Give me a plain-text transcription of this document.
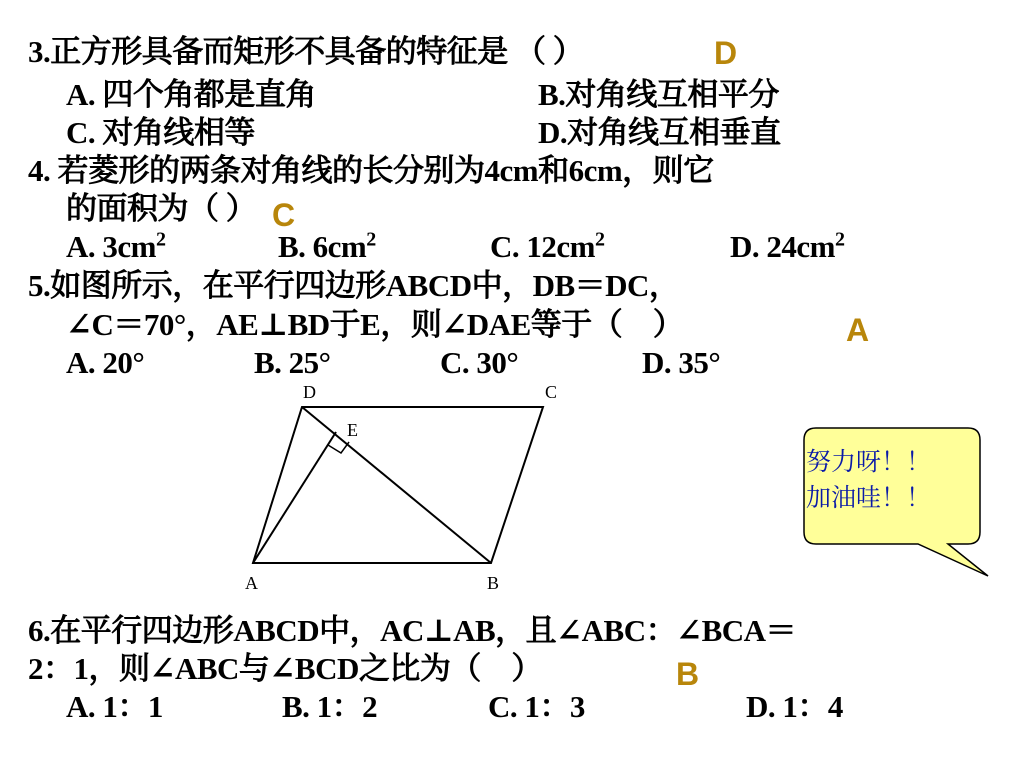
3.正方形具备而矩形不具备的特征是 （ ）	D
A. 四个角都是直角	B.对角线互相平分
C. 对角线相等	D.对角线互相垂直
4. 若菱形的两条对角线的长分别为4cm和6cm，则它
的面积为（ ） C
A. $3cm^2$	B. $6cm^2$	C. $12cm^2$	D. $24cm^2$
5.如图所示，在平行四边形ABCD中，DB＝DC，
∠C＝70°，AE⊥BD于E，则∠DAE等于（　）	A
A. 20°	B. 25°	C. 30°	D. 35°
D	C
E
A	B
努力呀！！
加油哇！！
6.在平行四边形ABCD中，AC⊥AB，且∠ABC：∠BCA＝
2：1，则∠ABC与∠BCD之比为（　）	B
A. 1：1	B. 1：2	C. 1：3	D. 1：4
